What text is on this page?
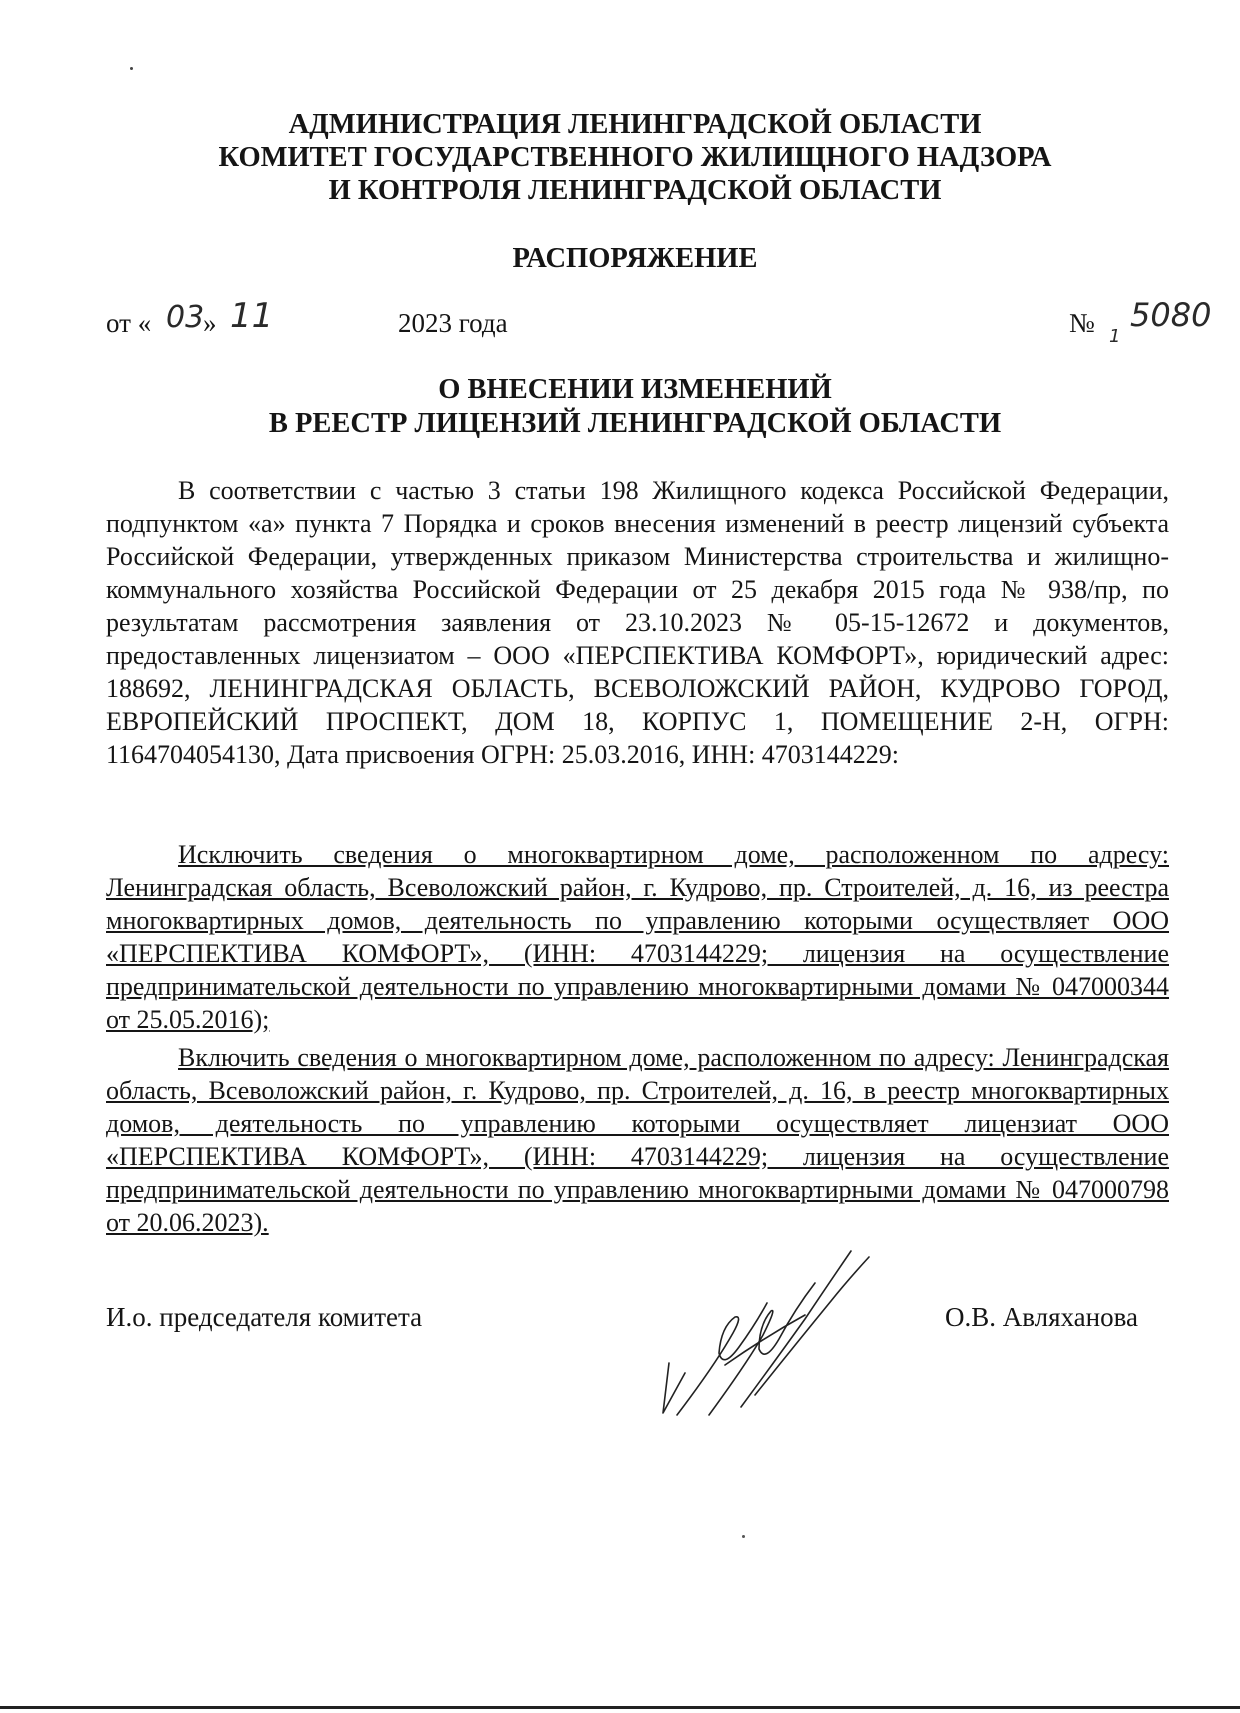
АДМИНИСТРАЦИЯ ЛЕНИНГРАДСКОЙ ОБЛАСТИ
КОМИТЕТ ГОСУДАРСТВЕННОГО ЖИЛИЩНОГО НАДЗОРА
И КОНТРОЛЯ ЛЕНИНГРАДСКОЙ ОБЛАСТИ
РАСПОРЯЖЕНИЕ
от « 03
» 11	2023 года	№ 1
5080
О ВНЕСЕНИИ ИЗМЕНЕНИЙ
В РЕЕСТР ЛИЦЕНЗИЙ ЛЕНИНГРАДСКОЙ ОБЛАСТИ

В соответствии с частью 3 статьи 198 Жилищного кодекса Российской Федерации, подпунктом «а» пункта 7 Порядка и сроков внесения изменений в реестр лицензий субъекта Российской Федерации, утвержденных приказом Министерства строительства и жилищно-коммунального хозяйства Российской Федерации от 25 декабря 2015 года № 938/пр, по результатам рассмотрения заявления от 23.10.2023 № 05-15-12672 и документов, предоставленных лицензиатом – ООО «ПЕРСПЕКТИВА КОМФОРТ», юридический адрес: 188692, ЛЕНИНГРАДСКАЯ ОБЛАСТЬ, ВСЕВОЛОЖСКИЙ РАЙОН, КУДРОВО ГОРОД, ЕВРОПЕЙСКИЙ ПРОСПЕКТ, ДОМ 18, КОРПУС 1, ПОМЕЩЕНИЕ 2-Н, ОГРН: 1164704054130, Дата присвоения ОГРН: 25.03.2016, ИНН: 4703144229:

Исключить сведения о многоквартирном доме, расположенном по адресу: Ленинградская область, Всеволожский район, г. Кудрово, пр. Строителей, д. 16, из реестра многоквартирных домов, деятельность по управлению которыми осуществляет ООО «ПЕРСПЕКТИВА КОМФОРТ», (ИНН: 4703144229; лицензия на осуществление предпринимательской деятельности по управлению многоквартирными домами № 047000344 от 25.05.2016);

Включить сведения о многоквартирном доме, расположенном по адресу: Ленинградская область, Всеволожский район, г. Кудрово, пр. Строителей, д. 16, в реестр многоквартирных домов, деятельность по управлению которыми осуществляет лицензиат ООО «ПЕРСПЕКТИВА КОМФОРТ», (ИНН: 4703144229; лицензия на осуществление предпринимательской деятельности по управлению многоквартирными домами № 047000798 от 20.06.2023).

И.о. председателя комитета	О.В. Авляханова
